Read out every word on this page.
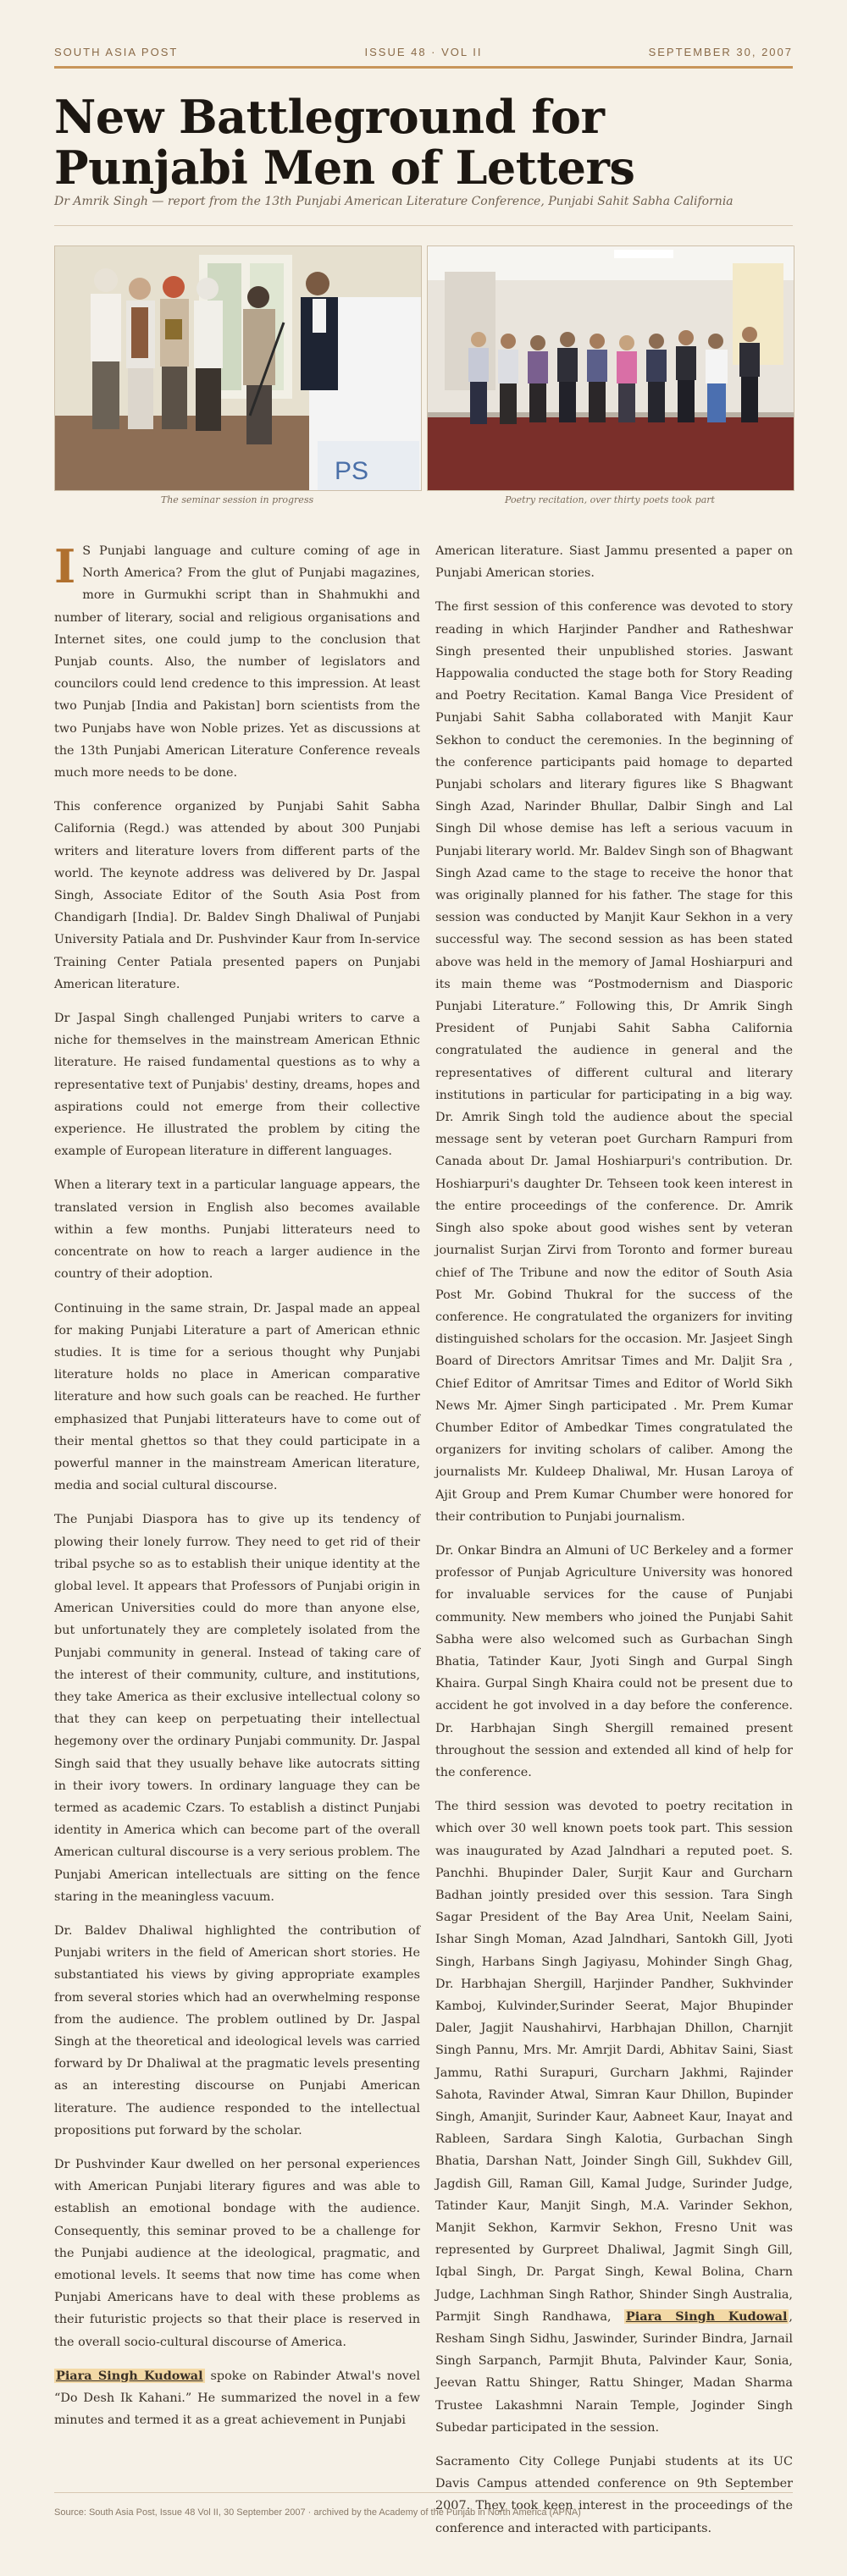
SOUTH ASIA POST	ISSUE 48 · VOL II	SEPTEMBER 30, 2007
New Battleground for Punjabi Men of Letters
Dr Amrik Singh — report from the 13th Punjabi American Literature Conference, Punjabi Sahit Sabha California
PS
The seminar session in progress	Poetry recitation, over thirty poets took part

I S Punjabi language and culture coming of age in North America? From the glut of Punjabi magazines, more in Gurmukhi script than in Shahmukhi and number of literary, social and religious organisations and Internet sites, one could jump to the conclusion that Punjab counts. Also, the number of legislators and councilors could lend credence to this impression. At least two Punjab [India and Pakistan] born scientists from the two Punjabs have won Noble prizes. Yet as discussions at the 13th Punjabi American Literature Conference reveals much more needs to be done.

This conference organized by Punjabi Sahit Sabha California (Regd.) was attended by about 300 Punjabi writers and literature lovers from different parts of the world. The keynote address was delivered by Dr. Jaspal Singh, Associate Editor of the South Asia Post from Chandigarh [India]. Dr. Baldev Singh Dhaliwal of Punjabi University Patiala and Dr. Pushvinder Kaur from In-service Training Center Patiala presented papers on Punjabi American literature.

Dr Jaspal Singh challenged Punjabi writers to carve a niche for themselves in the mainstream American Ethnic literature. He raised fundamental questions as to why a representative text of Punjabis' destiny, dreams, hopes and aspirations could not emerge from their collective experience. He illustrated the problem by citing the example of European literature in different languages.

When a literary text in a particular language appears, the translated version in English also becomes available within a few months. Punjabi litterateurs need to concentrate on how to reach a larger audience in the country of their adoption.

Continuing in the same strain, Dr. Jaspal made an appeal for making Punjabi Literature a part of American ethnic studies. It is time for a serious thought why Punjabi literature holds no place in American comparative literature and how such goals can be reached. He further emphasized that Punjabi litterateurs have to come out of their mental ghettos so that they could participate in a powerful manner in the mainstream American literature, media and social cultural discourse.

The Punjabi Diaspora has to give up its tendency of plowing their lonely furrow. They need to get rid of their tribal psyche so as to establish their unique identity at the global level. It appears that Professors of Punjabi origin in American Universities could do more than anyone else, but unfortunately they are completely isolated from the Punjabi community in general. Instead of taking care of the interest of their community, culture, and institutions, they take America as their exclusive intellectual colony so that they can keep on perpetuating their intellectual hegemony over the ordinary Punjabi community. Dr. Jaspal Singh said that they usually behave like autocrats sitting in their ivory towers. In ordinary language they can be termed as academic Czars. To establish a distinct Punjabi identity in America which can become part of the overall American cultural discourse is a very serious problem. The Punjabi American intellectuals are sitting on the fence staring in the meaningless vacuum.

Dr. Baldev Dhaliwal highlighted the contribution of Punjabi writers in the field of American short stories. He substantiated his views by giving appropriate examples from several stories which had an overwhelming response from the audience. The problem outlined by Dr. Jaspal Singh at the theoretical and ideological levels was carried forward by Dr Dhaliwal at the pragmatic levels presenting as an interesting discourse on Punjabi American literature. The audience responded to the intellectual propositions put forward by the scholar.

Dr Pushvinder Kaur dwelled on her personal experiences with American Punjabi literary figures and was able to establish an emotional bondage with the audience. Consequently, this seminar proved to be a challenge for the Punjabi audience at the ideological, pragmatic, and emotional levels. It seems that now time has come when Punjabi Americans have to deal with these problems as their futuristic projects so that their place is reserved in the overall socio-cultural discourse of America.

Piara Singh Kudowal spoke on Rabinder Atwal's novel “Do Desh Ik Kahani.” He summarized the novel in a few minutes and termed it as a great achievement in Punjabi

American literature. Siast Jammu presented a paper on Punjabi American stories.

The first session of this conference was devoted to story reading in which Harjinder Pandher and Ratheshwar Singh presented their unpublished stories. Jaswant Happowalia conducted the stage both for Story Reading and Poetry Recitation. Kamal Banga Vice President of Punjabi Sahit Sabha collaborated with Manjit Kaur Sekhon to conduct the ceremonies. In the beginning of the conference participants paid homage to departed Punjabi scholars and literary figures like S Bhagwant Singh Azad, Narinder Bhullar, Dalbir Singh and Lal Singh Dil whose demise has left a serious vacuum in Punjabi literary world. Mr. Baldev Singh son of Bhagwant Singh Azad came to the stage to receive the honor that was originally planned for his father. The stage for this session was conducted by Manjit Kaur Sekhon in a very successful way. The second session as has been stated above was held in the memory of Jamal Hoshiarpuri and its main theme was “Postmodernism and Diasporic Punjabi Literature.” Following this, Dr Amrik Singh President of Punjabi Sahit Sabha California congratulated the audience in general and the representatives of different cultural and literary institutions in particular for participating in a big way. Dr. Amrik Singh told the audience about the special message sent by veteran poet Gurcharn Rampuri from Canada about Dr. Jamal Hoshiarpuri's contribution. Dr. Hoshiarpuri's daughter Dr. Tehseen took keen interest in the entire proceedings of the conference. Dr. Amrik Singh also spoke about good wishes sent by veteran journalist Surjan Zirvi from Toronto and former bureau chief of The Tribune and now the editor of South Asia Post Mr. Gobind Thukral for the success of the conference. He congratulated the organizers for inviting distinguished scholars for the occasion. Mr. Jasjeet Singh Board of Directors Amritsar Times and Mr. Daljit Sra , Chief Editor of Amritsar Times and Editor of World Sikh News Mr. Ajmer Singh participated . Mr. Prem Kumar Chumber Editor of Ambedkar Times congratulated the organizers for inviting scholars of caliber. Among the journalists Mr. Kuldeep Dhaliwal, Mr. Husan Laroya of Ajit Group and Prem Kumar Chumber were honored for their contribution to Punjabi journalism.

Dr. Onkar Bindra an Almuni of UC Berkeley and a former professor of Punjab Agriculture University was honored for invaluable services for the cause of Punjabi community. New members who joined the Punjabi Sahit Sabha were also welcomed such as Gurbachan Singh Bhatia, Tatinder Kaur, Jyoti Singh and Gurpal Singh Khaira. Gurpal Singh Khaira could not be present due to accident he got involved in a day before the conference. Dr. Harbhajan Singh Shergill remained present throughout the session and extended all kind of help for the conference.

The third session was devoted to poetry recitation in which over 30 well known poets took part. This session was inaugurated by Azad Jalndhari a reputed poet. S. Panchhi. Bhupinder Daler, Surjit Kaur and Gurcharn Badhan jointly presided over this session. Tara Singh Sagar President of the Bay Area Unit, Neelam Saini, Ishar Singh Moman, Azad Jalndhari, Santokh Gill, Jyoti Singh, Harbans Singh Jagiyasu, Mohinder Singh Ghag, Dr. Harbhajan Shergill, Harjinder Pandher, Sukhvinder Kamboj, Kulvinder,Surinder Seerat, Major Bhupinder Daler, Jagjit Naushahirvi, Harbhajan Dhillon, Charnjit Singh Pannu, Mrs. Mr. Amrjit Dardi, Abhitav Saini, Siast Jammu, Rathi Surapuri, Gurcharn Jakhmi, Rajinder Sahota, Ravinder Atwal, Simran Kaur Dhillon, Bupinder Singh, Amanjit, Surinder Kaur, Aabneet Kaur, Inayat and Rableen, Sardara Singh Kalotia, Gurbachan Singh Bhatia, Darshan Natt, Joinder Singh Gill, Sukhdev Gill, Jagdish Gill, Raman Gill, Kamal Judge, Surinder Judge, Tatinder Kaur, Manjit Singh, M.A. Varinder Sekhon, Manjit Sekhon, Karmvir Sekhon, Fresno Unit was represented by Gurpreet Dhaliwal, Jagmit Singh Gill, Iqbal Singh, Dr. Pargat Singh, Kewal Bolina, Charn Judge, Lachhman Singh Rathor, Shinder Singh Australia, Parmjit Singh Randhawa, Piara Singh Kudowal , Resham Singh Sidhu, Jaswinder, Surinder Bindra, Jarnail Singh Sarpanch, Parmjit Bhuta, Palvinder Kaur, Sonia, Jeevan Rattu Shinger, Rattu Shinger, Madan Sharma Trustee Lakashmni Narain Temple, Joginder Singh Subedar participated in the session.

Sacramento City College Punjabi students at its UC Davis Campus attended conference on 9th September 2007. They took keen interest in the proceedings of the conference and interacted with participants.

Source: South Asia Post, Issue 48 Vol II, 30 September 2007 · archived by the Academy of the Punjab in North America (APNA)
